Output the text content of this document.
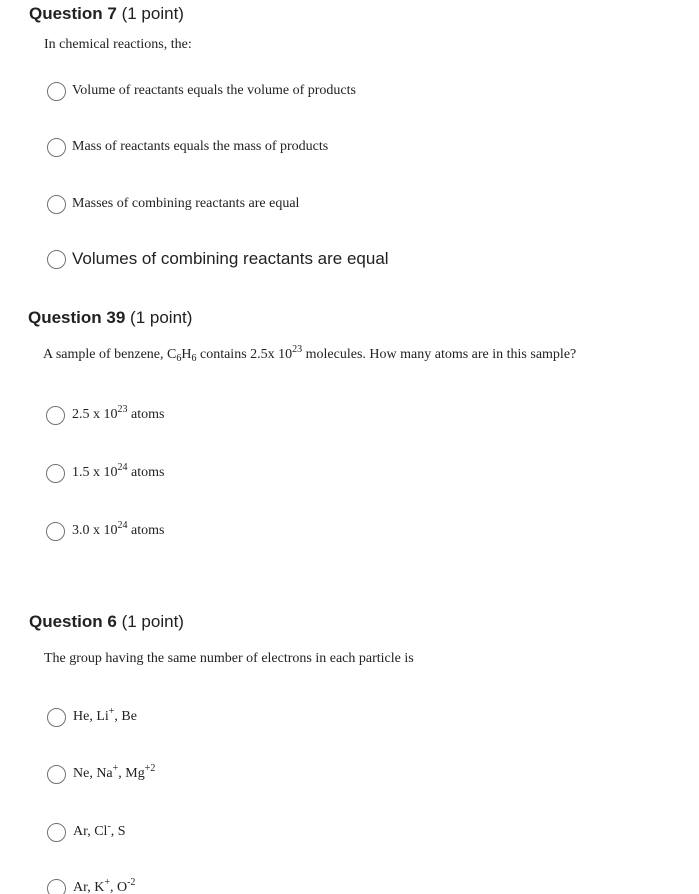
Question 7 (1 point)
In chemical reactions, the:
Volume of reactants equals the volume of products
Mass of reactants equals the mass of products
Masses of combining reactants are equal
Volumes of combining reactants are equal
Question 39 (1 point)
A sample of benzene, $C_6H_6$ contains 2.5x $10^{23}$ molecules. How many atoms are in this sample?
2.5 x $10^{23}$ atoms
1.5 x $10^{24}$ atoms
3.0 x $10^{24}$ atoms
Question 6 (1 point)
The group having the same number of electrons in each particle is
He, Li+, Be
Ne, Na+, $Mg^{+2}$
Ar, Cl-, S
Ar, K+, $O^{-2}$
